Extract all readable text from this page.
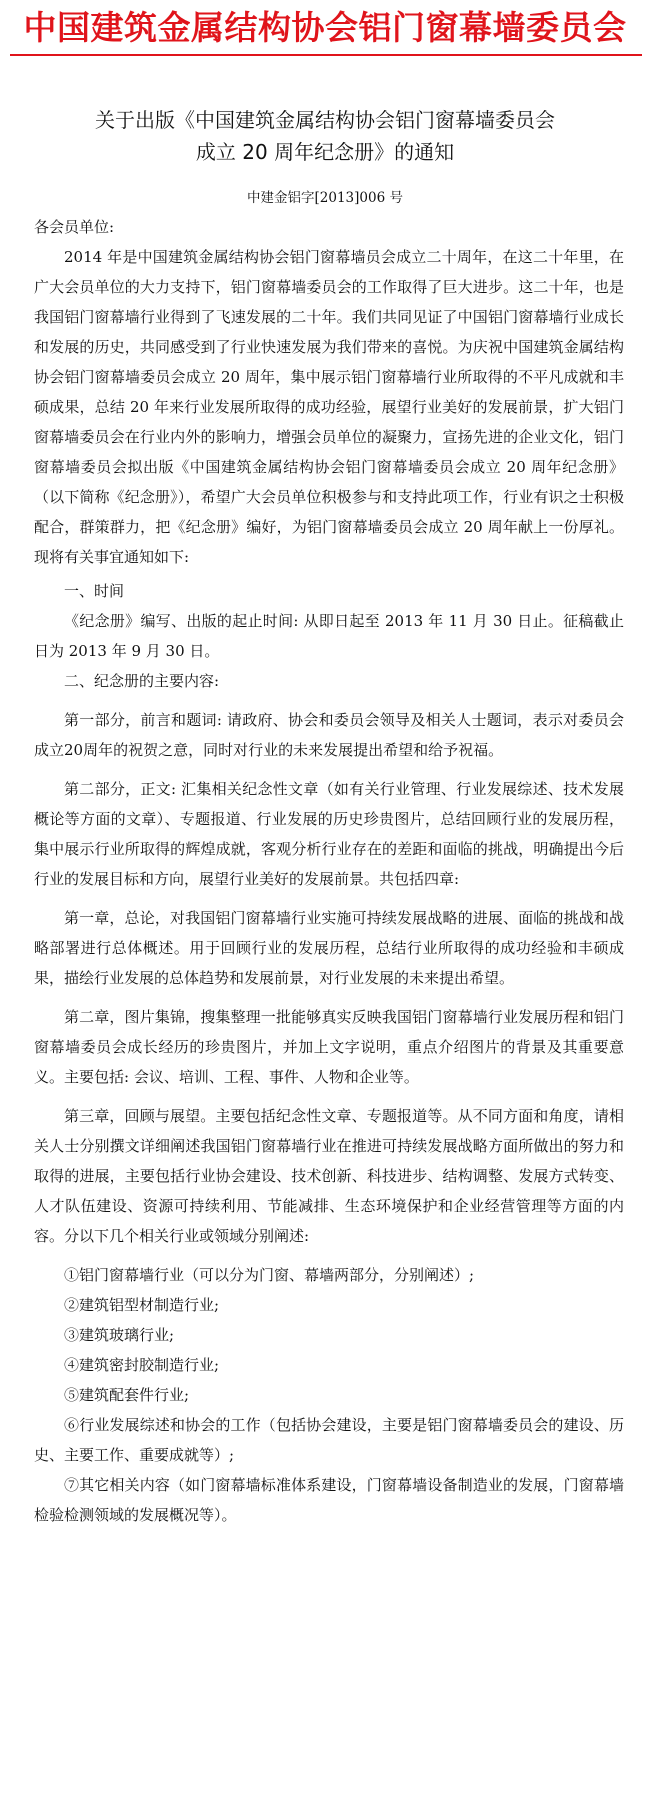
中国建筑金属结构协会铝门窗幕墙委员会
关于出版《中国建筑金属结构协会铝门窗幕墙委员会
成立 20 周年纪念册》的通知
中建金铝字[2013]006 号

各会员单位:

2014 年是中国建筑金属结构协会铝门窗幕墙员会成立二十周年，在这二十年里，在广大会员单位的大力支持下，铝门窗幕墙委员会的工作取得了巨大进步。这二十年，也是我国铝门窗幕墙行业得到了飞速发展的二十年。我们共同见证了中国铝门窗幕墙行业成长和发展的历史，共同感受到了行业快速发展为我们带来的喜悦。为庆祝中国建筑金属结构协会铝门窗幕墙委员会成立 20 周年，集中展示铝门窗幕墙行业所取得的不平凡成就和丰硕成果，总结 20 年来行业发展所取得的成功经验，展望行业美好的发展前景，扩大铝门窗幕墙委员会在行业内外的影响力，增强会员单位的凝聚力，宣扬先进的企业文化，铝门窗幕墙委员会拟出版《中国建筑金属结构协会铝门窗幕墙委员会成立 20 周年纪念册》（以下简称《纪念册》），希望广大会员单位积极参与和支持此项工作，行业有识之士积极配合，群策群力，把《纪念册》编好，为铝门窗幕墙委员会成立 20 周年献上一份厚礼。现将有关事宜通知如下:

一、时间

《纪念册》编写、出版的起止时间: 从即日起至 2013 年 11 月 30 日止。征稿截止日为 2013 年 9 月 30 日。

二、纪念册的主要内容:

第一部分，前言和题词: 请政府、协会和委员会领导及相关人士题词，表示对委员会成立20周年的祝贺之意，同时对行业的未来发展提出希望和给予祝福。

第二部分，正文: 汇集相关纪念性文章（如有关行业管理、行业发展综述、技术发展概论等方面的文章）、专题报道、行业发展的历史珍贵图片，总结回顾行业的发展历程，集中展示行业所取得的辉煌成就，客观分析行业存在的差距和面临的挑战，明确提出今后行业的发展目标和方向，展望行业美好的发展前景。共包括四章:

第一章，总论，对我国铝门窗幕墙行业实施可持续发展战略的进展、面临的挑战和战略部署进行总体概述。用于回顾行业的发展历程，总结行业所取得的成功经验和丰硕成果，描绘行业发展的总体趋势和发展前景，对行业发展的未来提出希望。

第二章，图片集锦，搜集整理一批能够真实反映我国铝门窗幕墙行业发展历程和铝门窗幕墙委员会成长经历的珍贵图片，并加上文字说明，重点介绍图片的背景及其重要意义。主要包括: 会议、培训、工程、事件、人物和企业等。

第三章，回顾与展望。主要包括纪念性文章、专题报道等。从不同方面和角度，请相关人士分别撰文详细阐述我国铝门窗幕墙行业在推进可持续发展战略方面所做出的努力和取得的进展，主要包括行业协会建设、技术创新、科技进步、结构调整、发展方式转变、人才队伍建设、资源可持续利用、节能减排、生态环境保护和企业经营管理等方面的内容。分以下几个相关行业或领域分别阐述:

①铝门窗幕墙行业（可以分为门窗、幕墙两部分，分别阐述）;

②建筑铝型材制造行业;

③建筑玻璃行业;

④建筑密封胶制造行业;

⑤建筑配套件行业;

⑥行业发展综述和协会的工作（包括协会建设，主要是铝门窗幕墙委员会的建设、历史、主要工作、重要成就等）;

⑦其它相关内容（如门窗幕墙标准体系建设，门窗幕墙设备制造业的发展，门窗幕墙检验检测领域的发展概况等）。
